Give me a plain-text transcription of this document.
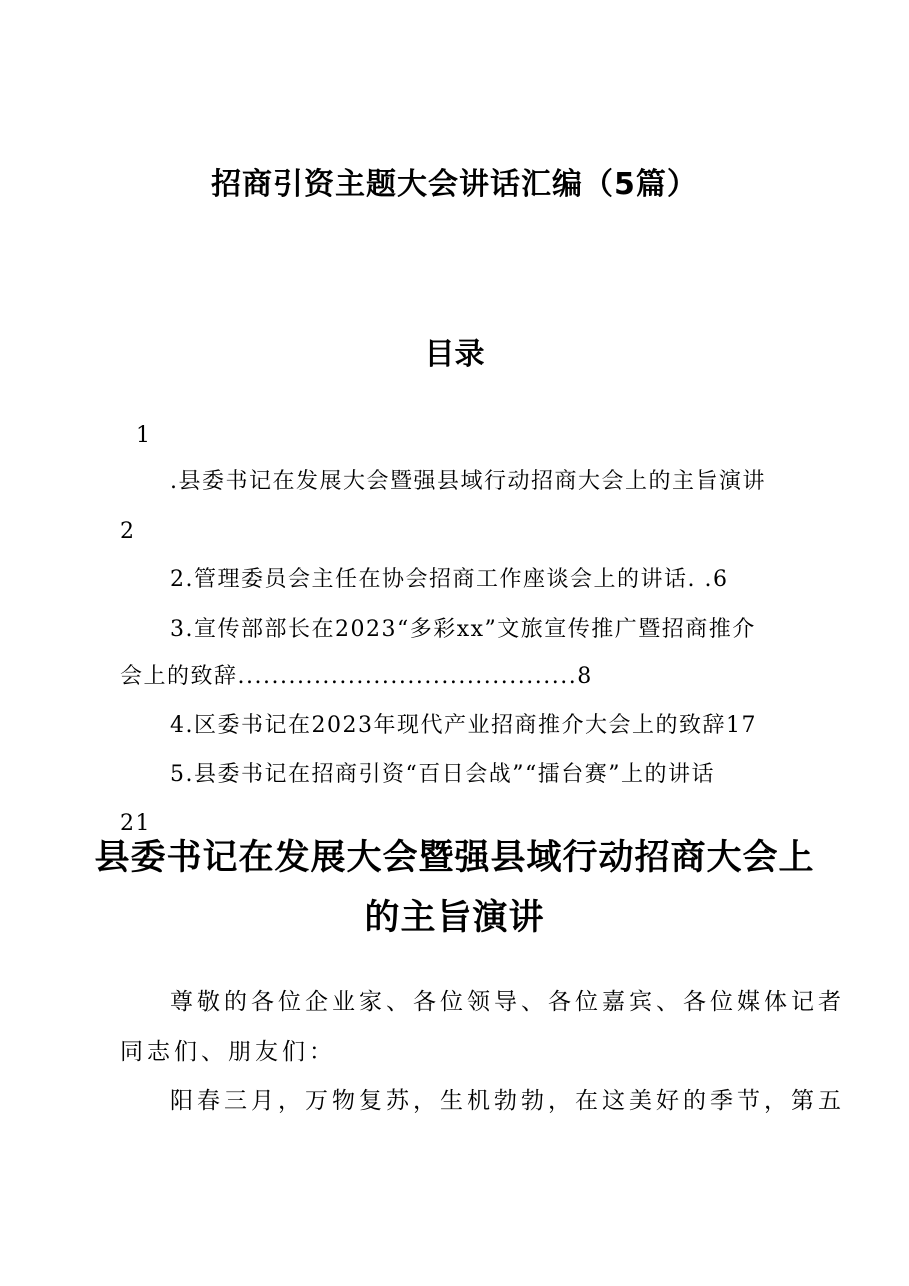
招商引资主题大会讲话汇编（5篇）
目录
1
.县委书记在发展大会暨强县域行动招商大会上的主旨演讲
2
2.管理委员会主任在协会招商工作座谈会上的讲话. .6
3.宣传部部长在2023“多彩xx”文旅宣传推广暨招商推介
会上的致辞........................................8
4.区委书记在2023年现代产业招商推介大会上的致辞17
5.县委书记在招商引资“百日会战”“擂台赛”上的讲话
21
县委书记在发展大会暨强县域行动招商大会上
的主旨演讲
尊敬的各位企业家、各位领导、各位嘉宾、各位媒体记者
同志们、朋友们：
阳春三月，万物复苏，生机勃勃，在这美好的季节，第五
